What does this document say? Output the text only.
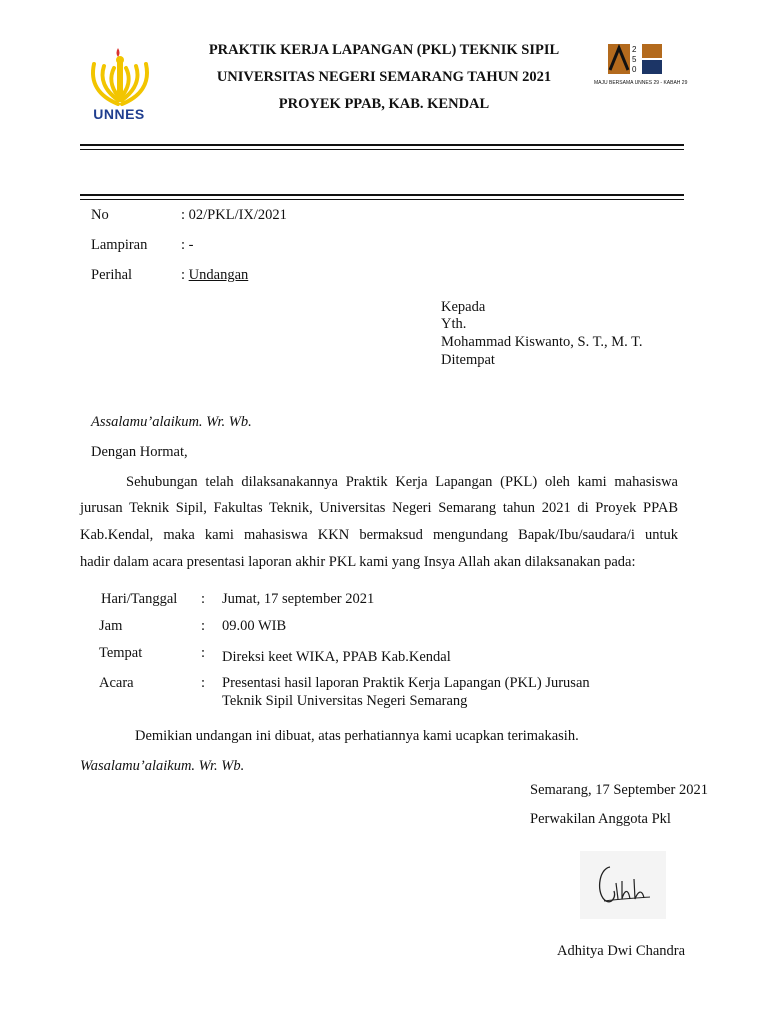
UNNES
PRAKTIK KERJA LAPANGAN (PKL) TEKNIK SIPIL
UNIVERSITAS NEGERI SEMARANG TAHUN 2021
PROYEK PPAB, KAB. KENDAL
2
5
0
MAJU BERSAMA UNNES 29 - KABAH 29
No	: 02/PKL/IX/2021
Lampiran : -
Perihal	: Undangan
Kepada
Yth.
Mohammad Kiswanto, S. T., M. T.
Ditempat
Assalamu’alaikum. Wr. Wb.
Dengan Hormat,
Sehubungan telah dilaksanakannya Praktik Kerja Lapangan (PKL) oleh kami mahasiswa
jurusan Teknik Sipil, Fakultas Teknik, Universitas Negeri Semarang tahun 2021 di Proyek PPAB
Kab.Kendal, maka kami mahasiswa KKN bermaksud mengundang Bapak/Ibu/saudara/i untuk
hadir dalam acara presentasi laporan akhir PKL kami yang Insya Allah akan dilaksanakan pada:
Hari/Tanggal : Jumat, 17 september 2021
Jam	: 09.00 WIB
Tempat	: Direksi keet WIKA, PPAB Kab.Kendal
Acara	: Presentasi hasil laporan Praktik Kerja Lapangan (PKL) Jurusan
Teknik Sipil Universitas Negeri Semarang
Demikian undangan ini dibuat, atas perhatiannya kami ucapkan terimakasih.
Wasalamu’alaikum. Wr. Wb.
Semarang, 17 September 2021
Perwakilan Anggota Pkl
Adhitya Dwi Chandra
